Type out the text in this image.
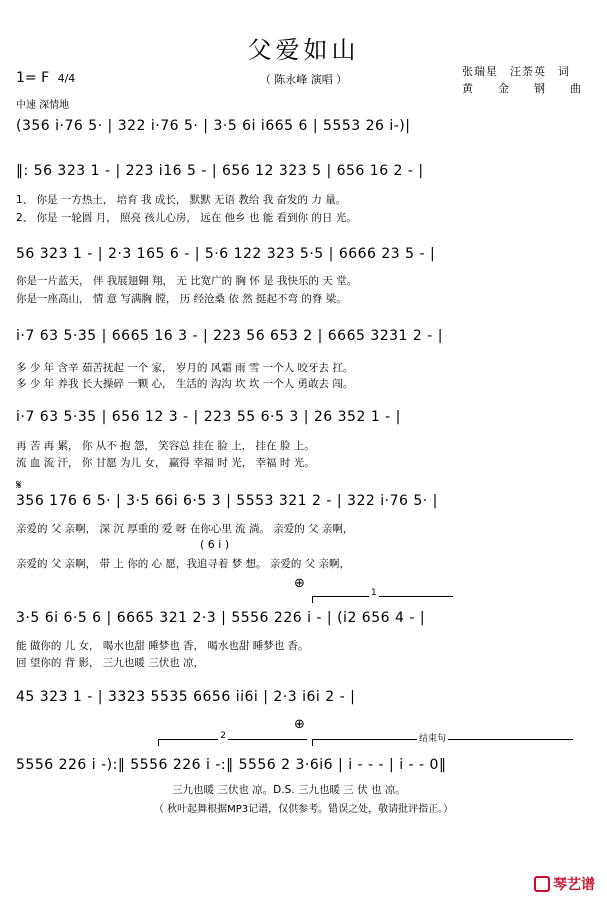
父爱如山
（ 陈永峰 演唱 ）
张瑞星　汪荼英　词
黄　　金　　钢　　曲
1= F 4/4
中速 深情地
(356 i·76 5· | 322 i·76 5· | 3·5 6i i665 6 | 5553 26 i-)|
‖: 56 323 1 - | 223 i16 5 - | 656 12 323 5 | 656 16 2 - |
1、 你是 一方热土， 培育 我 成长， 默默 无语 教给 我 奋发的 力 量。
2、 你是 一轮圆 月， 照亮 孩儿心房， 远在 他乡 也 能 看到你 的日 光。
56 323 1 - | 2·3 165 6 - | 5·6 122 323 5·5 | 6666 23 5 - |
你是一片蓝天， 伴 我展翅翱 翔， 无 比宽广的 胸 怀 是 我快乐的 天 堂。
你是一座高山， 情 意 写满胸 膛， 历 经沧桑 依 然 挺起不弯 的脊 梁。
i·7 63 5·35 | 6665 16 3 - | 223 56 653 2 | 6665 3231 2 - |
多 少 年 含辛 茹苦抚起 一个 家， 岁月的 风霜 雨 雪 一个人 咬牙去 扛。
多 少 年 养我 长大操碎 一颗 心， 生活的 沟沟 坎 坎 一个人 勇敢去 闯。
i·7 63 5·35 | 656 12 3 - | 223 55 6·5 3 | 26 352 1 - |
再 苦 再 累， 你 从不 抱 怨， 笑容总 挂在 脸 上， 挂在 脸 上。
流 血 流 汗， 你 甘愿 为儿 女， 赢得 幸福 时 光， 幸福 时 光。
𝄋
356 176 6 5· | 3·5 66i 6·5 3 | 5553 321 2 - | 322 i·76 5· |
亲爱的 父 亲啊， 深 沉 厚重的 爱 呀 在你心里 流 淌。 亲爱的 父 亲啊，
( 6 i )
亲爱的 父 亲啊， 带 上 你的 心 愿，我追寻着 梦 想。 亲爱的 父 亲啊，
⊕
1
3·5 6i 6·5 6 | 6665 321 2·3 | 5556 226 i - | (i2 656 4 - |
能 做你的 儿 女， 喝水也甜 睡梦也 香， 喝水也甜 睡梦也 香。
回 望你的 背 影， 三九也暖 三伏也 凉，
45 323 1 - | 3323 5535 6656 ii6i | 2·3 i6i 2 - |
⊕
2	结束句
5556 226 i -):‖ 5556 226 i -:‖ 5556 2 3·6i6 | i - - - | i - - 0‖
三九也暖 三伏也 凉。D.S. 三九也暖 三 伏 也 凉。
（ 秋叶起舞根据MP3记谱，仅供参考。错误之处，敬请批评指正。）
琴艺谱
